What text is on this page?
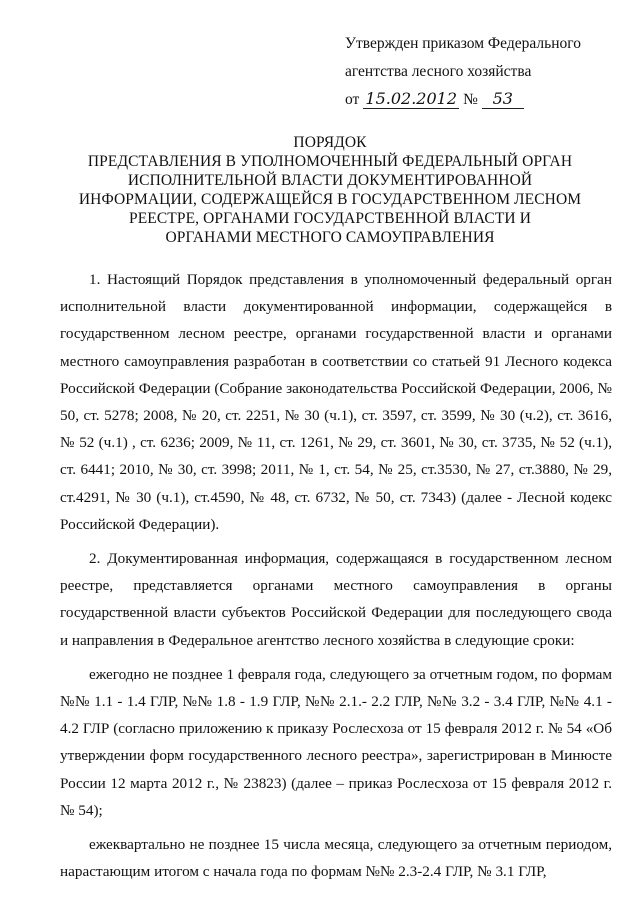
Утвержден приказом Федерального
агентства лесного хозяйства
от 15.02.2012 № 53
ПОРЯДОК
ПРЕДСТАВЛЕНИЯ В УПОЛНОМОЧЕННЫЙ ФЕДЕРАЛЬНЫЙ ОРГАН
ИСПОЛНИТЕЛЬНОЙ ВЛАСТИ ДОКУМЕНТИРОВАННОЙ
ИНФОРМАЦИИ, СОДЕРЖАЩЕЙСЯ В ГОСУДАРСТВЕННОМ ЛЕСНОМ
РЕЕСТРЕ, ОРГАНАМИ ГОСУДАРСТВЕННОЙ ВЛАСТИ И
ОРГАНАМИ МЕСТНОГО САМОУПРАВЛЕНИЯ

1. Настоящий Порядок представления в уполномоченный федеральный орган исполнительной власти документированной информации, содержащейся в государственном лесном реестре, органами государственной власти и органами местного самоуправления разработан в соответствии со статьей 91 Лесного кодекса Российской Федерации (Собрание законодательства Российской Федерации, 2006, № 50, ст. 5278; 2008, № 20, ст. 2251, № 30 (ч.1), ст. 3597, ст. 3599, № 30 (ч.2), ст. 3616, № 52 (ч.1) , ст. 6236; 2009, № 11, ст. 1261, № 29, ст. 3601, № 30, ст. 3735, № 52 (ч.1), ст. 6441; 2010, № 30, ст. 3998; 2011, № 1, ст. 54, № 25, ст.3530, № 27, ст.3880, № 29, ст.4291, № 30 (ч.1), ст.4590, № 48, ст. 6732, № 50, ст. 7343) (далее - Лесной кодекс Российской Федерации).

2. Документированная информация, содержащаяся в государственном лесном реестре, представляется органами местного самоуправления в органы государственной власти субъектов Российской Федерации для последующего свода и направления в Федеральное агентство лесного хозяйства в следующие сроки:

ежегодно не позднее 1 февраля года, следующего за отчетным годом, по формам №№ 1.1 - 1.4 ГЛР, №№ 1.8 - 1.9 ГЛР, №№ 2.1.- 2.2 ГЛР, №№ 3.2 - 3.4 ГЛР, №№ 4.1 - 4.2 ГЛР (согласно приложению к приказу Рослесхоза от 15 февраля 2012 г. № 54 «Об утверждении форм государственного лесного реестра», зарегистрирован в Минюсте России 12 марта 2012 г., № 23823) (далее – приказ Рослесхоза от 15 февраля 2012 г. № 54);

ежеквартально не позднее 15 числа месяца, следующего за отчетным периодом, нарастающим итогом с начала года по формам №№ 2.3-2.4 ГЛР, № 3.1 ГЛР,
